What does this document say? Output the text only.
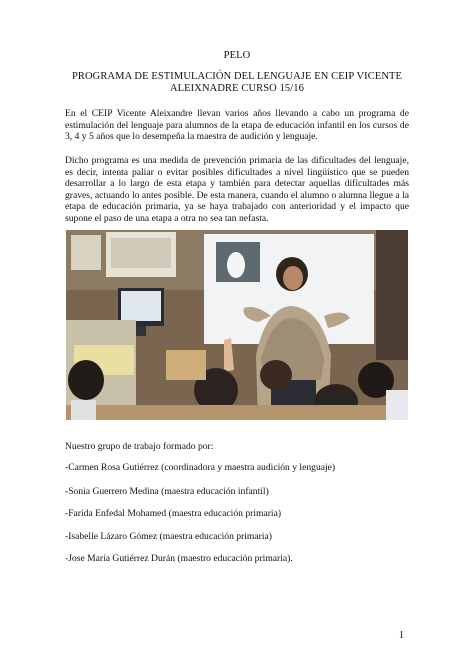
PELO
PROGRAMA DE ESTIMULACIÓN DEL LENGUAJE EN CEIP VICENTE ALEIXNADRE CURSO 15/16
En el CEIP Vicente Aleixandre llevan varios años llevando a cabo un programa de estimulación del lenguaje para alumnos de la etapa de educación infantil en los cursos de 3, 4 y 5 años que lo desempeña la maestra de audición y lenguaje.
Dicho programa es una medida de prevención primaria de las dificultades del lenguaje, es decir, intenta paliar o evitar posibles dificultades a nivel lingüístico que se pueden desarrollar a lo largo de esta etapa y también para detectar aquellas dificultades más graves, actuando lo antes posible. De esta manera, cuando el alumno o alumna llegue a la etapa de educación primaria, ya se haya trabajado con anterioridad y el impacto que supone el paso de una etapa a otra no sea tan nefasta.
Nuestro grupo de trabajo formado por:
-Carmen Rosa Gutiérrez (coordinadora y maestra audición y lenguaje)
-Sonia Guerrero Medina (maestra educación infantil)
-Farida Enfedal Mohamed (maestra educación primaria)
-Isabelle Lázaro Gómez (maestra educación primaria)
-Jose María Gutiérrez Durán (maestro educación primaria).
1
